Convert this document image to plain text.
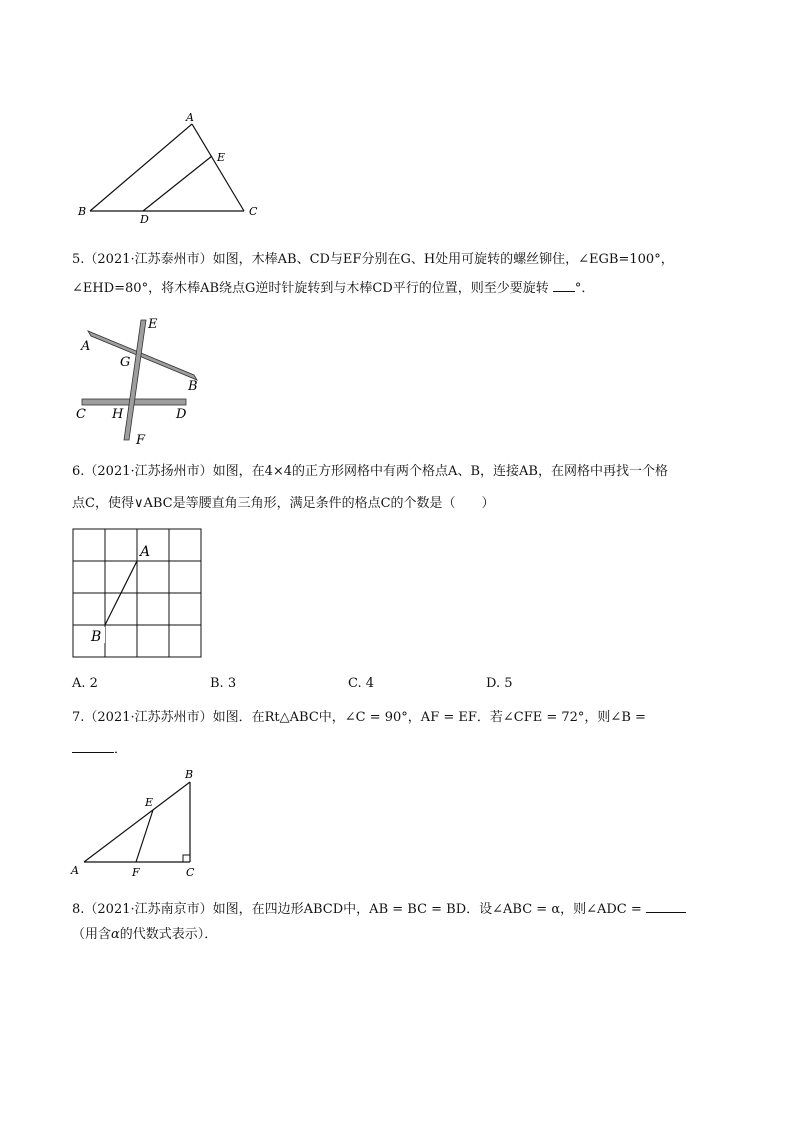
A
B	C
D
E
5.（2021·江苏泰州市）如图，木棒AB、CD与EF分别在G、H处用可旋转的螺丝铆住，∠EGB=100°，
∠EHD=80°，将木棒AB绕点G逆时针旋转到与木棒CD平行的位置，则至少要旋转 °．
A
B
C	D
E
F
G
H
6.（2021·江苏扬州市）如图，在4×4的正方形网格中有两个格点A、B，连接AB，在网格中再找一个格
点C，使得∨ABC是等腰直角三角形，满足条件的格点C的个数是（　　）
A
B
A. 2	B. 3	C. 4	D. 5
7.（2021·江苏苏州市）如图．在Rt△ABC中，∠C = 90°，AF = EF．若∠CFE = 72°，则∠B =
．
A
B
C
E
F
8.（2021·江苏南京市）如图，在四边形ABCD中，AB = BC = BD．设∠ABC = α，则∠ADC =
（用含α的代数式表示）．
